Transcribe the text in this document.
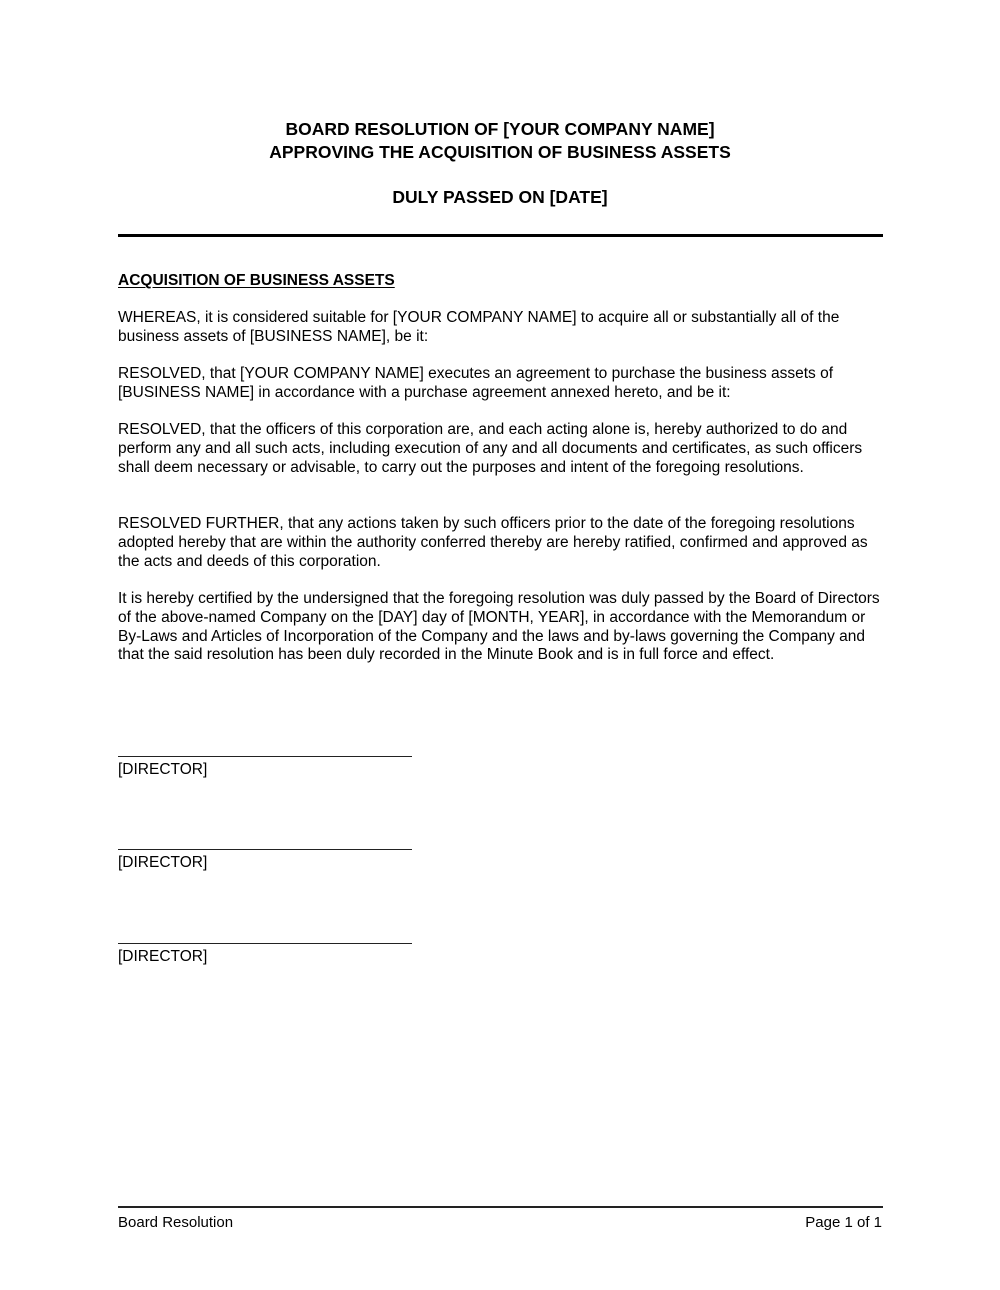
BOARD RESOLUTION OF [YOUR COMPANY NAME]
APPROVING THE ACQUISITION OF BUSINESS ASSETS
DULY PASSED ON [DATE]
ACQUISITION OF BUSINESS ASSETS

WHEREAS, it is considered suitable for [YOUR COMPANY NAME] to acquire all or substantially all of the business assets of [BUSINESS NAME], be it:

RESOLVED, that [YOUR COMPANY NAME] executes an agreement to purchase the business assets of [BUSINESS NAME] in accordance with a purchase agreement annexed hereto, and be it:

RESOLVED, that the officers of this corporation are, and each acting alone is, hereby authorized to do and perform any and all such acts, including execution of any and all documents and certificates, as such officers shall deem necessary or advisable, to carry out the purposes and intent of the foregoing resolutions.

RESOLVED FURTHER, that any actions taken by such officers prior to the date of the foregoing resolutions adopted hereby that are within the authority conferred thereby are hereby ratified, confirmed and approved as the acts and deeds of this corporation.

It is hereby certified by the undersigned that the foregoing resolution was duly passed by the Board of Directors of the above-named Company on the [DAY] day of [MONTH, YEAR], in accordance with the Memorandum or By-Laws and Articles of Incorporation of the Company and the laws and by-laws governing the Company and that the said resolution has been duly recorded in the Minute Book and is in full force and effect.

[DIRECTOR]
[DIRECTOR]
[DIRECTOR]
Board Resolution	Page 1 of 1
